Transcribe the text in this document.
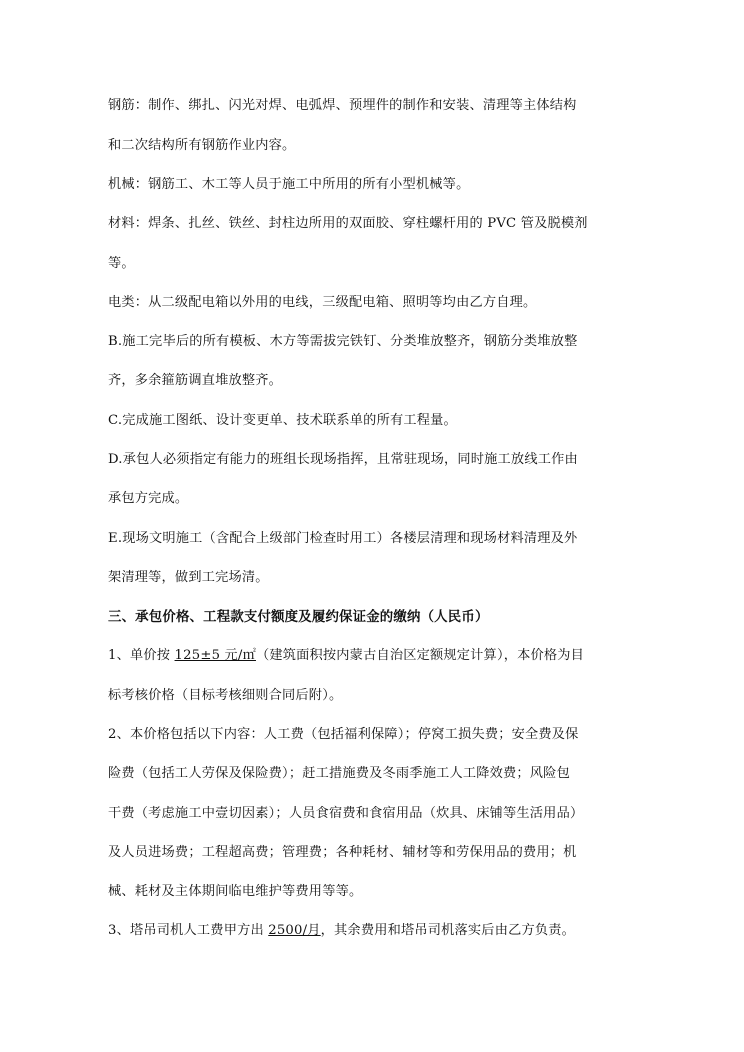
钢筋：制作、绑扎、闪光对焊、电弧焊、预埋件的制作和安装、清理等主体结构
和二次结构所有钢筋作业内容。
机械：钢筋工、木工等人员于施工中所用的所有小型机械等。
材料：焊条、扎丝、铁丝、封柱边所用的双面胶、穿柱螺杆用的 PVC 管及脱模剂
等。
电类：从二级配电箱以外用的电线，三级配电箱、照明等均由乙方自理。
B.施工完毕后的所有模板、木方等需拔完铁钉、分类堆放整齐，钢筋分类堆放整
齐，多余箍筋调直堆放整齐。
C.完成施工图纸、设计变更单、技术联系单的所有工程量。
D.承包人必须指定有能力的班组长现场指挥，且常驻现场，同时施工放线工作由
承包方完成。
E.现场文明施工（含配合上级部门检查时用工）各楼层清理和现场材料清理及外
架清理等，做到工完场清。
三、承包价格、工程款支付额度及履约保证金的缴纳（人民币）
1、单价按 125±5 元/㎡（建筑面积按内蒙古自治区定额规定计算），本价格为目
标考核价格（目标考核细则合同后附）。
2、本价格包括以下内容：人工费（包括福利保障）；停窝工损失费；安全费及保
险费（包括工人劳保及保险费）；赶工措施费及冬雨季施工人工降效费；风险包
干费（考虑施工中壹切因素）；人员食宿费和食宿用品（炊具、床铺等生活用品）
及人员进场费；工程超高费；管理费；各种耗材、辅材等和劳保用品的费用；机
械、耗材及主体期间临电维护等费用等等。
3、塔吊司机人工费甲方出 2500/月，其余费用和塔吊司机落实后由乙方负责。
